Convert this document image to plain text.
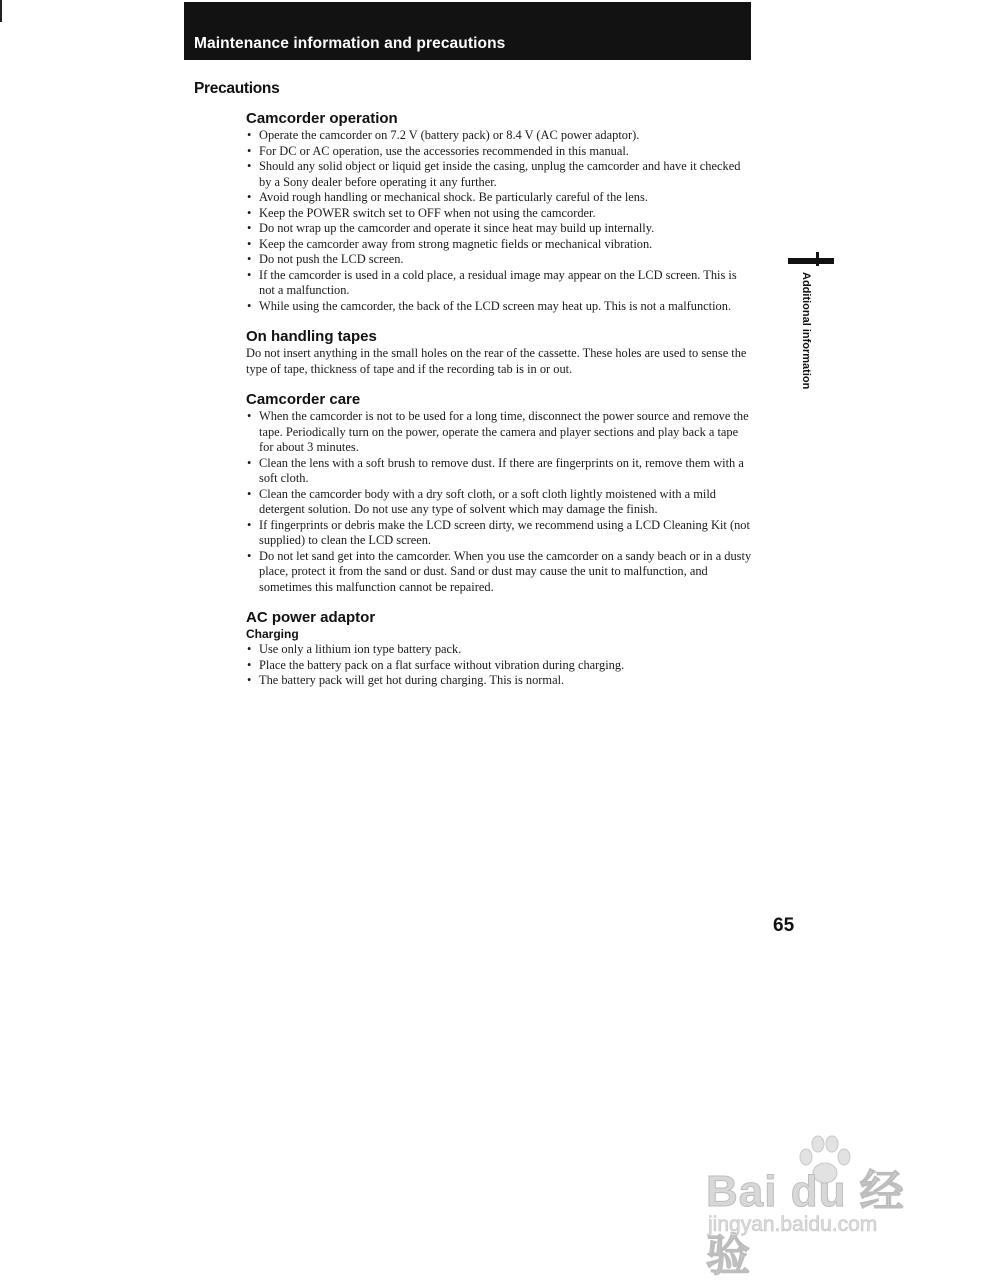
Maintenance information and precautions
Precautions
Camcorder operation
• Operate the camcorder on 7.2 V (battery pack) or 8.4 V (AC power adaptor).
• For DC or AC operation, use the accessories recommended in this manual.
• Should any solid object or liquid get inside the casing, unplug the camcorder and have it checked by a Sony dealer before operating it any further.
• Avoid rough handling or mechanical shock. Be particularly careful of the lens.
• Keep the POWER switch set to OFF when not using the camcorder.
• Do not wrap up the camcorder and operate it since heat may build up internally.
• Keep the camcorder away from strong magnetic fields or mechanical vibration.
• Do not push the LCD screen.
• If the camcorder is used in a cold place, a residual image may appear on the LCD screen. This is not a malfunction.
• While using the camcorder, the back of the LCD screen may heat up. This is not a malfunction.
On handling tapes

Do not insert anything in the small holes on the rear of the cassette. These holes are used to sense the type of tape, thickness of tape and if the recording tab is in or out.

Camcorder care
• When the camcorder is not to be used for a long time, disconnect the power source and remove the tape. Periodically turn on the power, operate the camera and player sections and play back a tape for about 3 minutes.
• Clean the lens with a soft brush to remove dust. If there are fingerprints on it, remove them with a soft cloth.
• Clean the camcorder body with a dry soft cloth, or a soft cloth lightly moistened with a mild detergent solution. Do not use any type of solvent which may damage the finish.
• If fingerprints or debris make the LCD screen dirty, we recommend using a LCD Cleaning Kit (not supplied) to clean the LCD screen.
• Do not let sand get into the camcorder. When you use the camcorder on a sandy beach or in a dusty place, protect it from the sand or dust. Sand or dust may cause the unit to malfunction, and sometimes this malfunction cannot be repaired.
AC power adaptor
Charging
• Use only a lithium ion type battery pack.
• Place the battery pack on a flat surface without vibration during charging.
• The battery pack will get hot during charging. This is normal.
Additional information
65
Bai du 经验
jingyan.baidu.com
